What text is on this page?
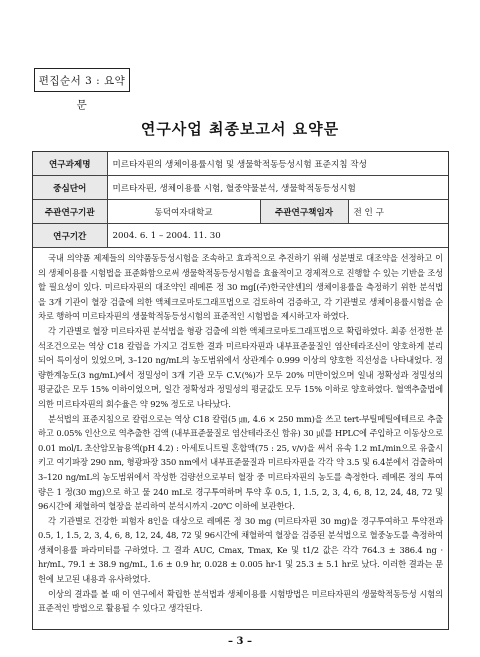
편집순서 3 : 요약문
연구사업 최종보고서 요약문
연구과제명	미르타자핀의 생체이용률시험 및 생물학적동등성시험 표준지침 작성		
중심단어	미르타자핀, 생체이용률 시험, 혈중약물분석, 생물학적동등성시험		
주관연구기관	동덕여자대학교	주관연구책임자	전 인 구
연구기간	2004. 6. 1 – 2004. 11. 30		

국내 의약품 제제들의 의약품동등성시험을 조속하고 효과적으로 추진하기 위해 성분별로 대조약을 선정하고 이의 생체이용률 시험법을 표준화함으로써 생물학적동등성시험을 효율적이고 경제적으로 진행할 수 있는 기반을 조성할 필요성이 있다. 미르타자핀의 대조약인 레메론 정 30 mg[(주)한국얀센]의 생체이용률을 측정하기 위한 분석법을 3개 기관이 혈장 검출에 의한 액체크로마토그래프법으로 검토하여 검증하고, 각 기관별로 생체이용률시험을 순차로 행하여 미르타자핀의 생물학적동등성시험의 표준적인 시험법을 제시하고자 하였다.

각 기관별로 혈장 미르타자핀 분석법을 형광 검출에 의한 액체크로마토그래프법으로 확립하였다. 최종 선정한 분석조건으로는 역상 C18 칼럼을 가지고 검토한 결과 미르타자핀과 내부표준물질인 염산테라조신이 양호하게 분리되어 특이성이 있었으며, 3–120 ng/mL의 농도범위에서 상관계수 0.999 이상의 양호한 직선성을 나타내었다. 정량한계농도(3 ng/mL)에서 정밀성이 3개 기관 모두 C.V.(%)가 모두 20% 미만이었으며 일내 정확성과 정밀성의 평균값은 모두 15% 이하이었으며, 일간 정확성과 정밀성의 평균값도 모두 15% 이하로 양호하였다. 혈액추출법에 의한 미르타자핀의 회수율은 약 92% 정도로 나타났다.

분석법의 표준지침으로 칼럼으로는 역상 C18 칼럼(5 ㎛, 4.6 × 250 mm)을 쓰고 tert-부틸메틸에테르로 추출하고 0.05% 인산으로 역추출한 검액 (내부표준물질로 염산테라조신 함유) 30 ㎕를 HPLC에 주입하고 이동상으로 0.01 mol/L 초산암모늄용액(pH 4.2) : 아세토니트릴 혼합액(75 : 25, v/v)을 써서 유속 1.2 mL/min으로 유출시키고 여기파장 290 nm, 형광파장 350 nm에서 내부표준물질과 미르타자핀을 각각 약 3.5 및 6.4분에서 검출하여 3–120 ng/mL의 농도범위에서 작성한 검량선으로부터 혈장 중 미르타자핀의 농도를 측정한다. 레메론 정의 투여량은 1 정(30 mg)으로 하고 물 240 mL로 경구투여하며 투약 후 0.5, 1, 1.5, 2, 3, 4, 6, 8, 12, 24, 48, 72 및 96시간에 채혈하여 혈장을 분리하여 분석시까지 -20℃ 이하에 보관한다.

각 기관별로 건강한 피험자 8인을 대상으로 레메론 정 30 mg (미르타자핀 30 mg)을 경구투여하고 투약전과 0.5, 1, 1.5, 2, 3, 4, 6, 8, 12, 24, 48, 72 및 96시간에 채혈하여 혈장을 검증된 분석법으로 혈중농도를 측정하여 생체이용률 파라미터를 구하였다. 그 결과 AUC, Cmax, Tmax, Ke 및 t1/2 값은 각각 764.3 ± 386.4 ng · hr/mL, 79.1 ± 38.9 ng/mL, 1.6 ± 0.9 hr, 0.028 ± 0.005 hr-1 및 25.3 ± 5.1 hr로 났다. 이러한 결과는 문헌에 보고된 내용과 유사하였다.

이상의 결과를 볼 때 이 연구에서 확립한 분석법과 생체이용률 시험방법은 미르타자핀의 생물학적동등성 시험의 표준적인 방법으로 활용될 수 있다고 생각된다.

– 3 –
